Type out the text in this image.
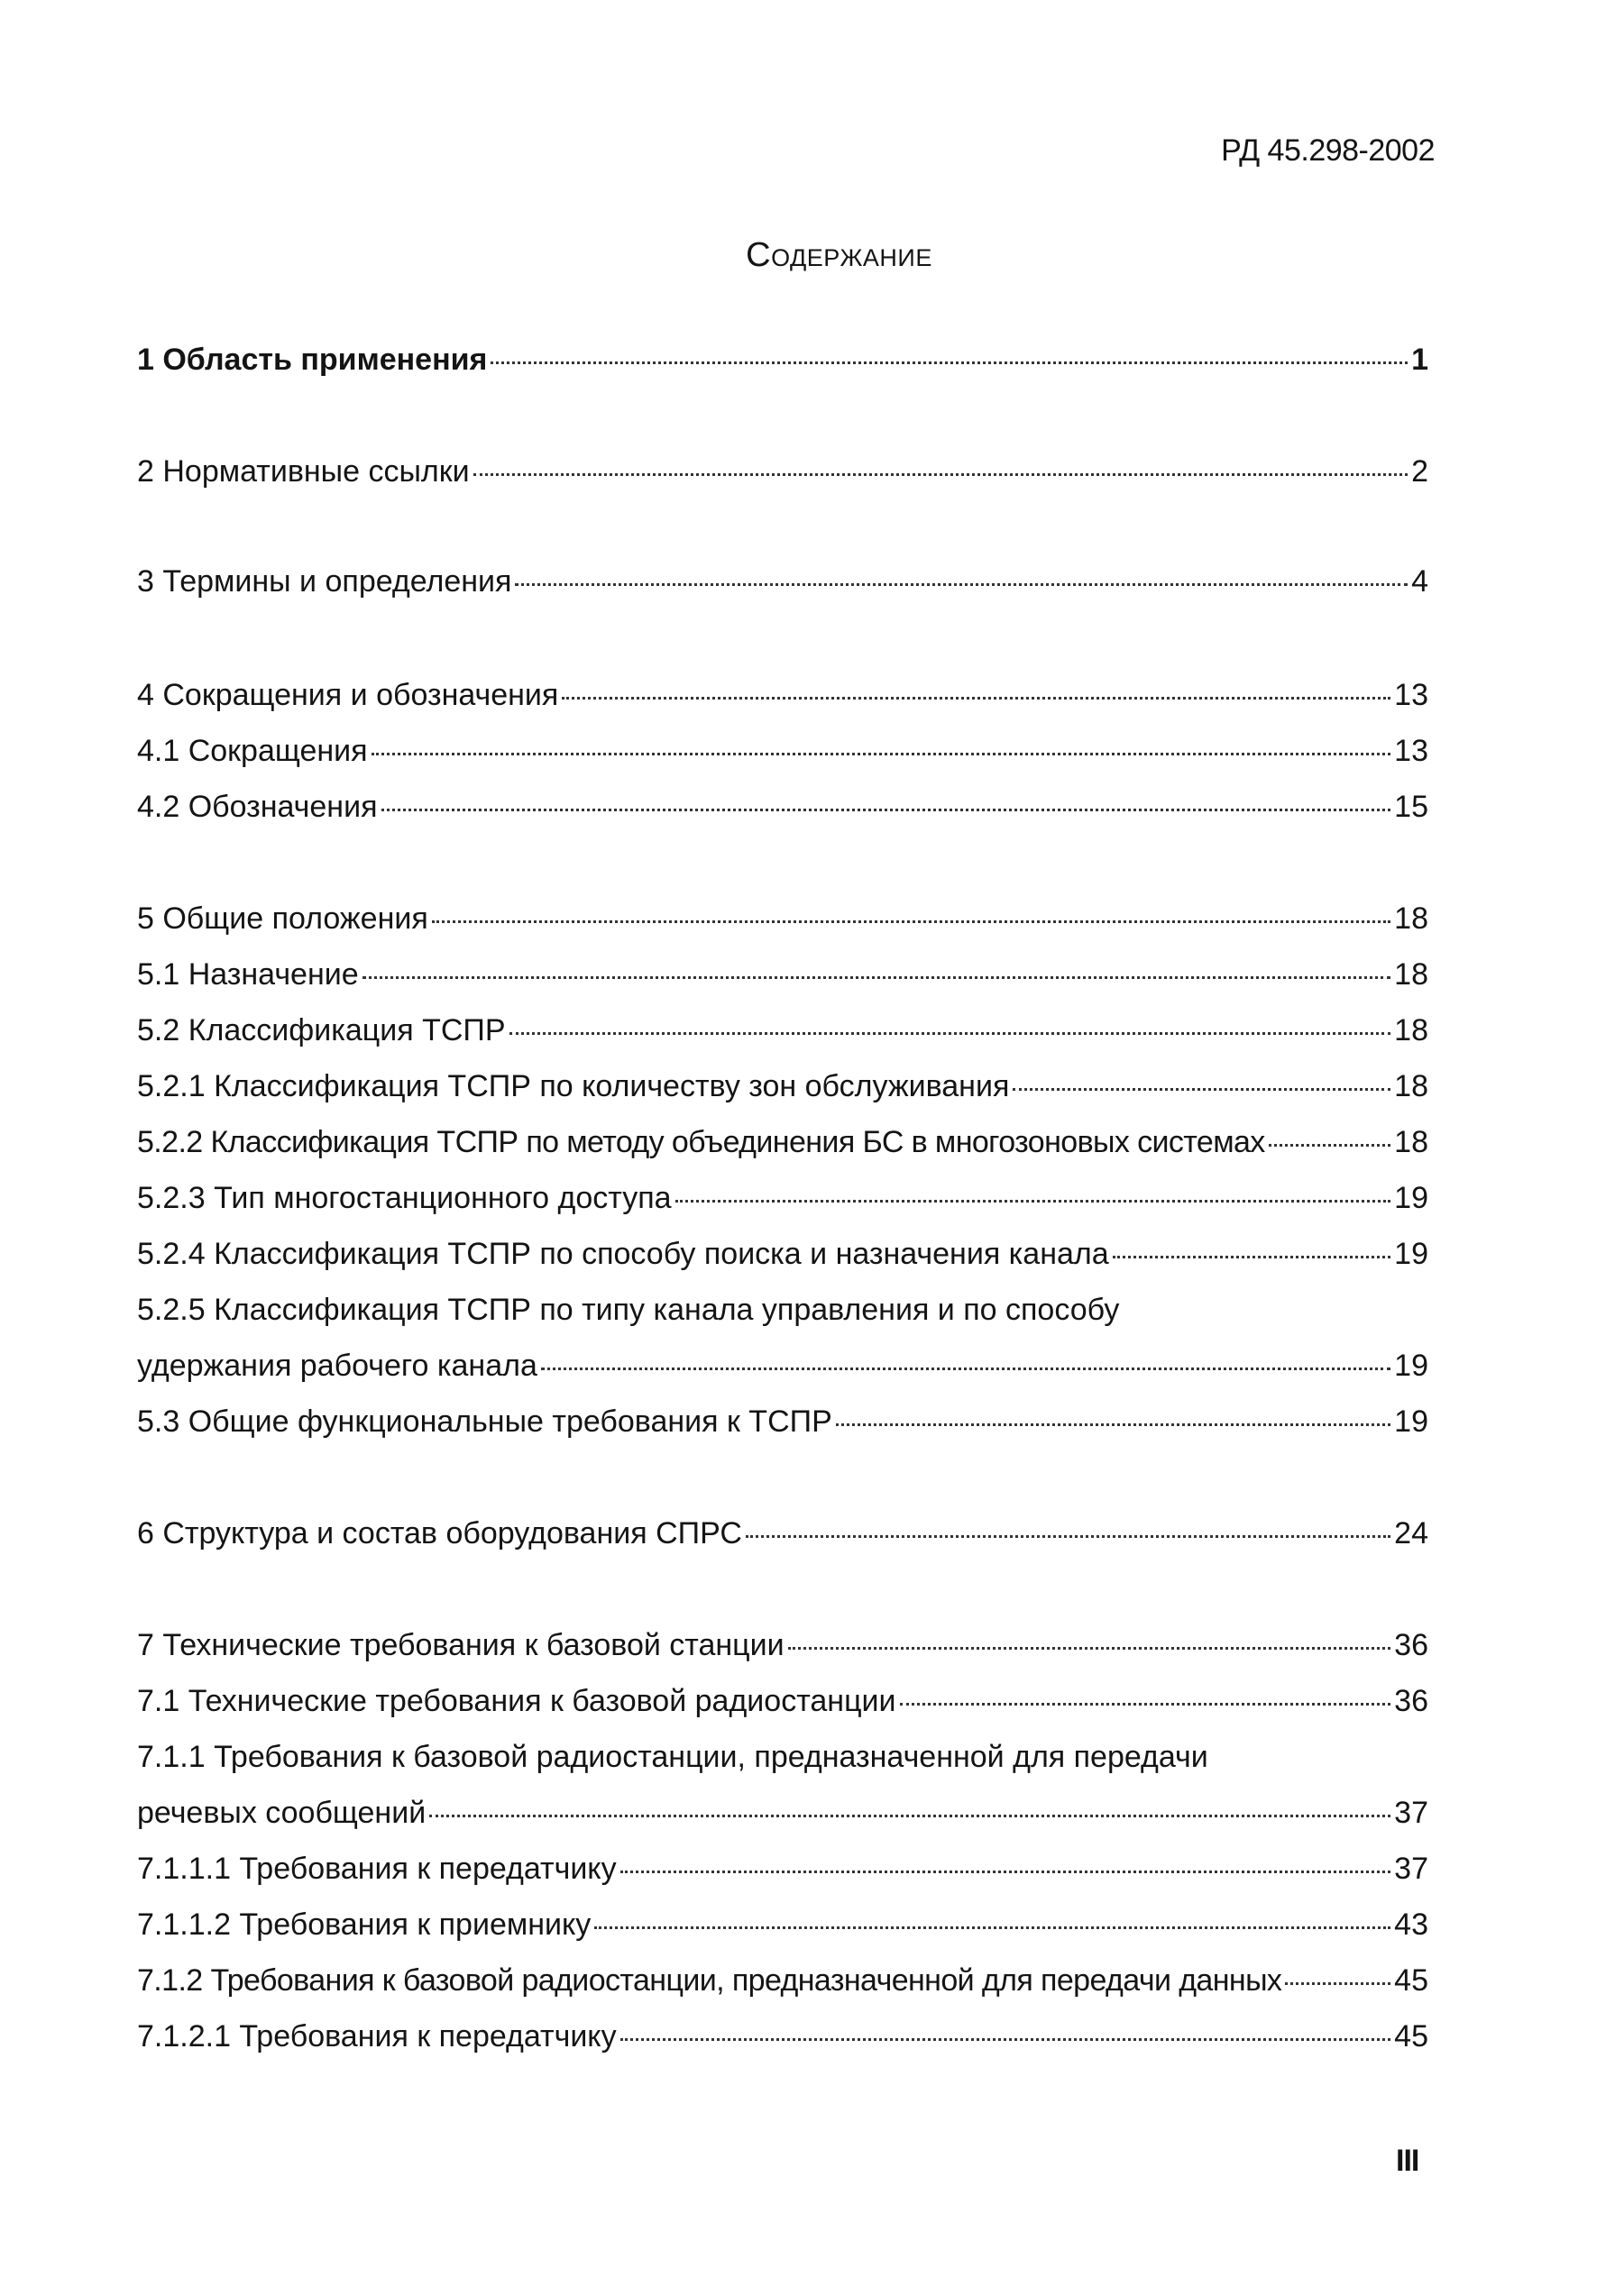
РД 45.298-2002
Содержание
1 Область применения	1
2 Нормативные ссылки	2
3 Термины и определения	4
4 Сокращения и обозначения	13
4.1 Сокращения	13
4.2 Обозначения	15
5 Общие положения	18
5.1 Назначение	18
5.2 Классификация ТСПР	18
5.2.1 Классификация ТСПР по количеству зон обслуживания	18
5.2.2 Классификация ТСПР по методу объединения БС в многозоновых системах	18
5.2.3 Тип многостанционного доступа	19
5.2.4 Классификация ТСПР по способу поиска и назначения канала	19
5.2.5 Классификация ТСПР по типу канала управления и по способу
удержания рабочего канала	19
5.3 Общие функциональные требования к ТСПР	19
6 Структура и состав оборудования СПРС	24
7 Технические требования к базовой станции	36
7.1 Технические требования к базовой радиостанции	36
7.1.1 Требования к базовой радиостанции, предназначенной для передачи
речевых сообщений	37
7.1.1.1 Требования к передатчику	37
7.1.1.2 Требования к приемнику	43
7.1.2 Требования к базовой радиостанции, предназначенной для передачи данных	45
7.1.2.1 Требования к передатчику	45
III
